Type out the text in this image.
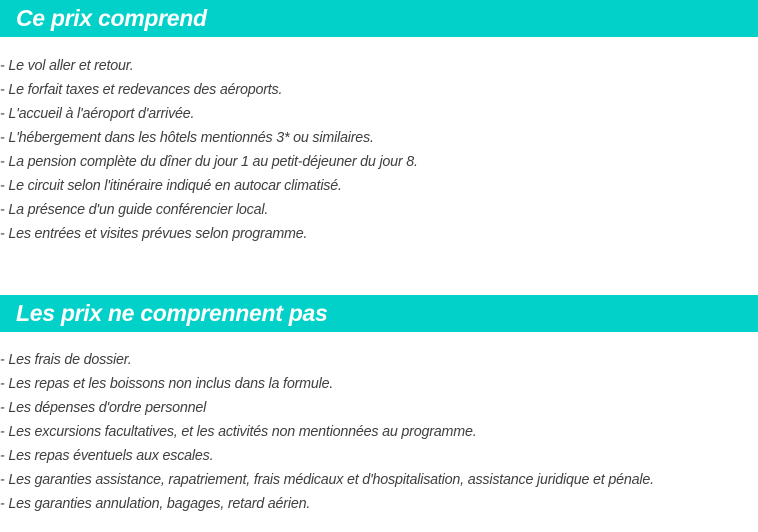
Ce prix comprend
- Le vol aller et retour.
- Le forfait taxes et redevances des aéroports.
- L'accueil à l'aéroport d'arrivée.
- L'hébergement dans les hôtels mentionnés 3* ou similaires.
- La pension complète du dîner du jour 1 au petit-déjeuner du jour 8.
- Le circuit selon l'itinéraire indiqué en autocar climatisé.
- La présence d'un guide conférencier local.
- Les entrées et visites prévues selon programme.
Les prix ne comprennent pas
- Les frais de dossier.
- Les repas et les boissons non inclus dans la formule.
- Les dépenses d'ordre personnel
- Les excursions facultatives, et les activités non mentionnées au programme.
- Les repas éventuels aux escales.
- Les garanties assistance, rapatriement, frais médicaux et d'hospitalisation, assistance juridique et pénale.
- Les garanties annulation, bagages, retard aérien.
